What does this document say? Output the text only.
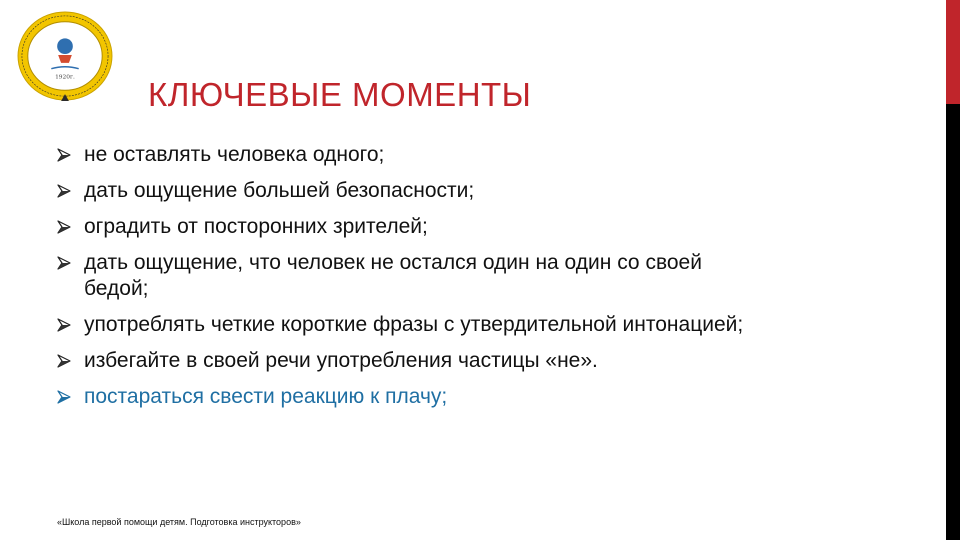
1920г. КЛЮЧЕВЫЕ МОМЕНТЫ
не оставлять человека одного;
дать ощущение большей безопасности;
оградить от посторонних зрителей;
дать ощущение, что человек не остался один на один со своей бедой;
употреблять четкие короткие фразы с утвердительной интонацией;
избегайте в своей речи употребления частицы «не».
постараться свести реакцию к плачу;
«Школа первой помощи детям. Подготовка инструкторов»
